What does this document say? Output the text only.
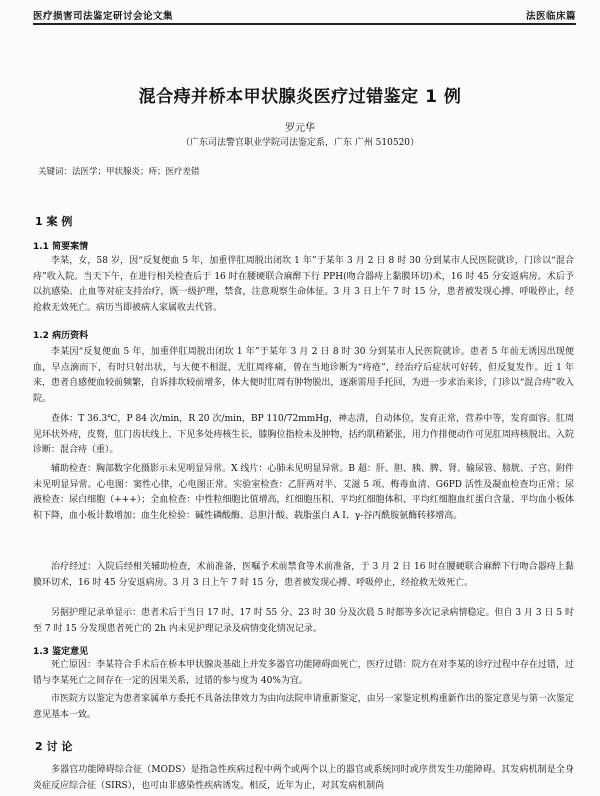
医疗损害司法鉴定研讨会论文集	法医临床篇
混合痔并桥本甲状腺炎医疗过错鉴定 1 例
罗元华
（广东司法警官职业学院司法鉴定系，广东 广州 510520）
关键词：法医学；甲状腺炎；痔；医疗差错
1 案 例
1.1 简要案情

李某，女，58 岁，因“反复便血 5 年，加重伴肛周脱出闭坎 1 年”于某年 3 月 2 日 8 时 30 分到某市人民医院就诊，门诊以“混合痔”收入院。当天下午，在进行相关检查后于 16 时在腰硬联合麻醉下行 PPH(吻合器痔上黏膜环切)术，16 时 45 分安返病房。术后予以抗感染、止血等对症支持治疗，既一级护理，禁食，注意观察生命体征。3 月 3 日上午 7 时 15 分，患者被发现心搏、呼吸停止，经抢救无效死亡。病历当即被病人家属收去代管。

1.2 病历资料

李某因“反复便血 5 年，加重伴肛周脱出闭坎 1 年”于某年 3 月 2 日 8 时 30 分到某市人民医院就诊。患者 5 年前无诱因出现便血，早点滴而下，有时只射出状，与大便不相混，无肛周疼痛，曾在当地诊断为“痔疮”，经治疗后症状可好转，但反复发作。近 1 年来，患者自感便血较前频繁，自诉排坎较前增多，体大便时肛周有肿物脱出，逐渐需用手托回，为进一步求治来诊，门诊以“混合痔”收入院。

查体：T 36.3℃，P 84 次/min，R 20 次/min，BP 110/72mmHg，神志清，自动体位，发育正常，营养中等，发育面容。肛周见环状外痔，皮赘，肛门齿状线上、下见多处痔核生长，膝胸位指检未及肿物，括约肌稍紧张，用力作排便动作可见肛周痔核脱出。入院诊断：混合痔（重）。

辅助检查：胸部数字化摄影示未见明显异常。X 线片：心肺未见明显异常。B 超：肝、胆、胰、脾、肾、输尿管、膀胱、子宫、附件未见明显异常。心电图：窦性心律，心电图正常。实验室检查：乙肝两对半、艾滋 5 项、梅毒血清、G6PD 活性及凝血检查均正常；尿液检查：尿白细胞（+++）；全血检查：中性粒细胞比值增高，红细胞压积、平均红细胞体积、平均红细胞血红蛋白含量、平均血小板体积下降，血小板计数增加；血生化检验：碱性磷酸酶、总胆汁酸、载脂蛋白 A I、γ-谷丙酰胺氨酶转移增高。

治疗经过：入院后经相关辅助检查，术前准备，医嘱予术前禁食等术前准备，于 3 月 2 日 16 时在腰硬联合麻醉下行吻合器痔上黏膜环切术，16 时 45 分安返病房。3 月 3 日上午 7 时 15 分，患者被发现心搏、呼吸停止，经抢救无效死亡。

另据护理记录单显示：患者术后于当日 17 时、17 时 55 分、23 时 30 分及次晨 5 时都等多次记录病情稳定。但自 3 月 3 日 5 时至 7 时 15 分发现患者死亡的 2h 内未见护理记录及病情变化情况记录。

1.3 鉴定意见

死亡原因：李某符合手术后在桥本甲状腺炎基础上并发多器官功能障碍面死亡，医疗过错：院方在对李某的诊疗过程中存在过错，过错与李某死亡之间存在一定的因果关系，过错的参与度为 40%为宜。

市医院方以鉴定为患者家属单方委托不具备法律效力为由向法院申请重新鉴定，由另一家鉴定机构重新作出的鉴定意见与第一次鉴定意见基本一致。

2 讨 论

多器官功能障碍综合征（MODS）是指急性疾病过程中两个或两个以上的器官或系统同时或序贯发生功能障碍。其发病机制是全身炎症反应综合征（SIRS），也可由非感染性疾病诱发。相反，近年为止，对其发病机制尚
